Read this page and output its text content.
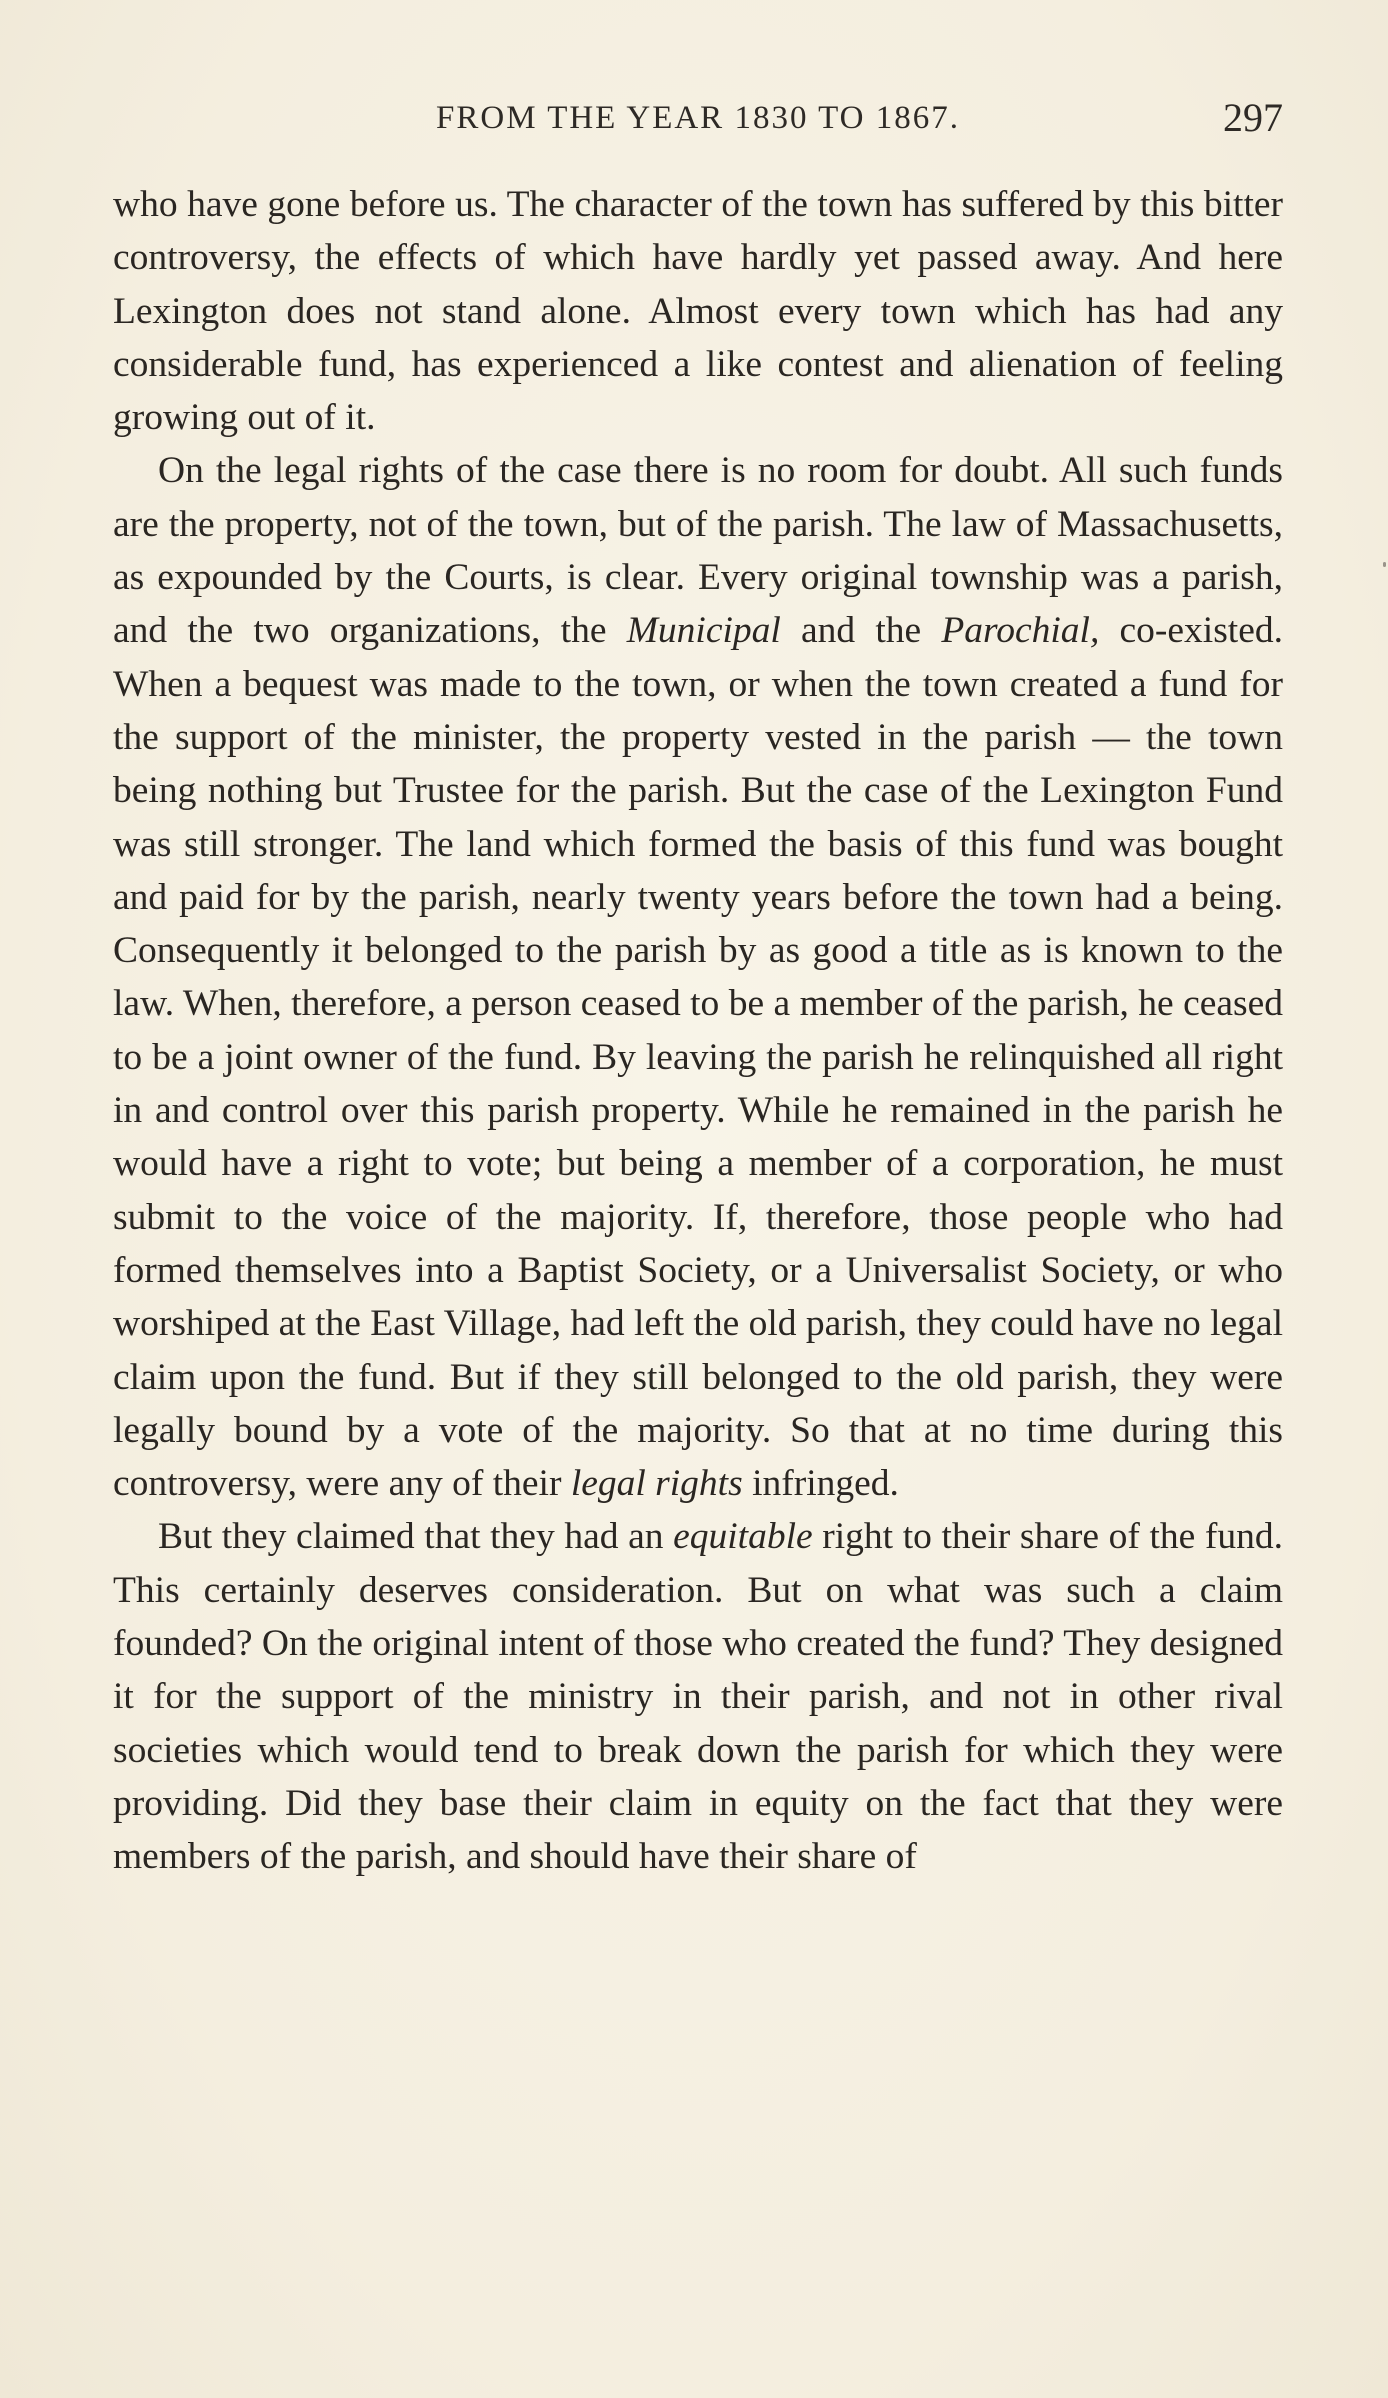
FROM THE YEAR 1830 TO 1867.	297

who have gone before us. The character of the town has suffered by this bitter controversy, the effects of which have hardly yet passed away. And here Lexington does not stand alone. Almost every town which has had any considerable fund, has experienced a like contest and alienation of feeling growing out of it.

On the legal rights of the case there is no room for doubt. All such funds are the property, not of the town, but of the parish. The law of Massachusetts, as expounded by the Courts, is clear. Every original township was a parish, and the two organizations, the Municipal and the Parochial, co-existed. When a bequest was made to the town, or when the town created a fund for the support of the minister, the property vested in the parish — the town being nothing but Trustee for the parish. But the case of the Lexington Fund was still stronger. The land which formed the basis of this fund was bought and paid for by the parish, nearly twenty years before the town had a being. Consequently it belonged to the parish by as good a title as is known to the law. When, therefore, a person ceased to be a member of the parish, he ceased to be a joint owner of the fund. By leaving the parish he relinquished all right in and control over this parish property. While he remained in the parish he would have a right to vote; but being a member of a corporation, he must submit to the voice of the majority. If, therefore, those people who had formed themselves into a Baptist Society, or a Universalist Society, or who worshiped at the East Village, had left the old parish, they could have no legal claim upon the fund. But if they still belonged to the old parish, they were legally bound by a vote of the majority. So that at no time during this controversy, were any of their legal rights infringed.

But they claimed that they had an equitable right to their share of the fund. This certainly deserves consideration. But on what was such a claim founded? On the original intent of those who created the fund? They designed it for the support of the ministry in their parish, and not in other rival societies which would tend to break down the parish for which they were providing. Did they base their claim in equity on the fact that they were members of the parish, and should have their share of
